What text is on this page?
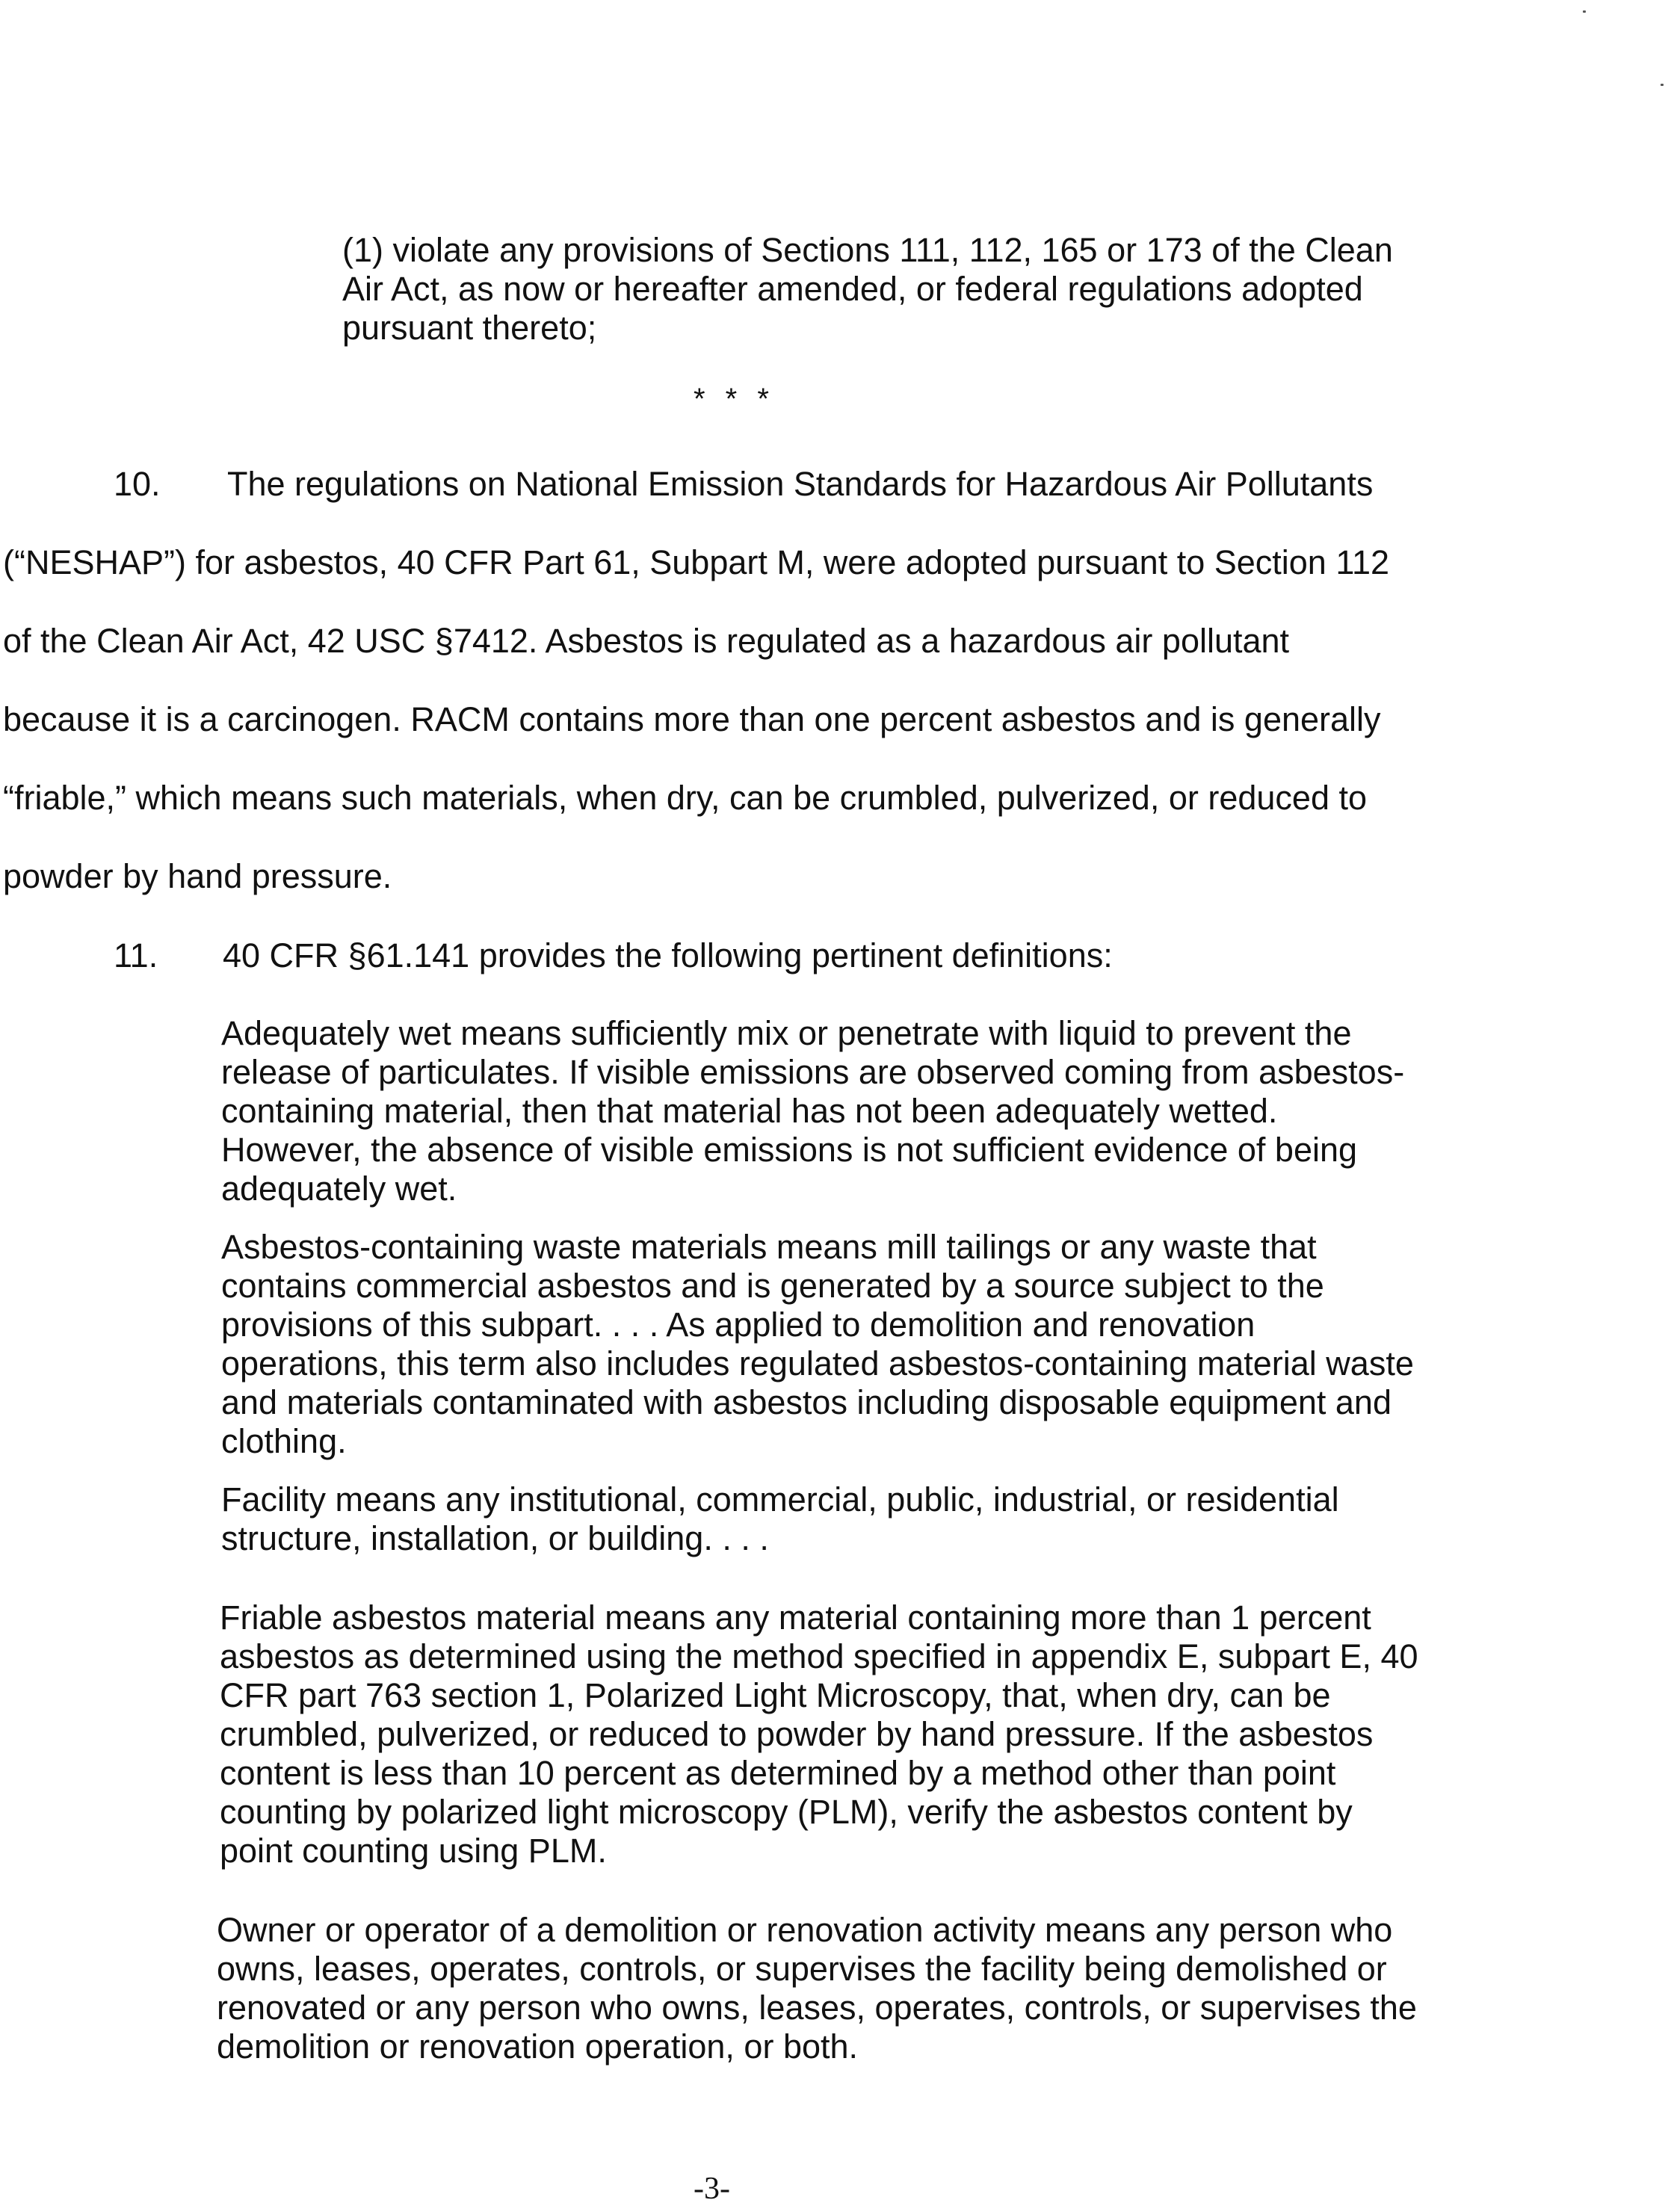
(1) violate any provisions of Sections 111, 112, 165 or 173 of the Clean

Air Act, as now or hereafter amended, or federal regulations adopted

pursuant thereto;

* * *
10. The regulations on National Emission Standards for Hazardous Air Pollutants

(“NESHAP”) for asbestos, 40 CFR Part 61, Subpart M, were adopted pursuant to Section 112

of the Clean Air Act, 42 USC §7412. Asbestos is regulated as a hazardous air pollutant

because it is a carcinogen. RACM contains more than one percent asbestos and is generally

“friable,” which means such materials, when dry, can be crumbled, pulverized, or reduced to

powder by hand pressure.

11. 40 CFR §61.141 provides the following pertinent definitions:

Adequately wet means sufficiently mix or penetrate with liquid to prevent the

release of particulates. If visible emissions are observed coming from asbestos-

containing material, then that material has not been adequately wetted.

However, the absence of visible emissions is not sufficient evidence of being

adequately wet.

Asbestos-containing waste materials means mill tailings or any waste that

contains commercial asbestos and is generated by a source subject to the

provisions of this subpart. . . . As applied to demolition and renovation

operations, this term also includes regulated asbestos-containing material waste

and materials contaminated with asbestos including disposable equipment and

clothing.

Facility means any institutional, commercial, public, industrial, or residential

structure, installation, or building. . . .

Friable asbestos material means any material containing more than 1 percent

asbestos as determined using the method specified in appendix E, subpart E, 40

CFR part 763 section 1, Polarized Light Microscopy, that, when dry, can be

crumbled, pulverized, or reduced to powder by hand pressure. If the asbestos

content is less than 10 percent as determined by a method other than point

counting by polarized light microscopy (PLM), verify the asbestos content by

point counting using PLM.

Owner or operator of a demolition or renovation activity means any person who

owns, leases, operates, controls, or supervises the facility being demolished or

renovated or any person who owns, leases, operates, controls, or supervises the

demolition or renovation operation, or both.

-3-
